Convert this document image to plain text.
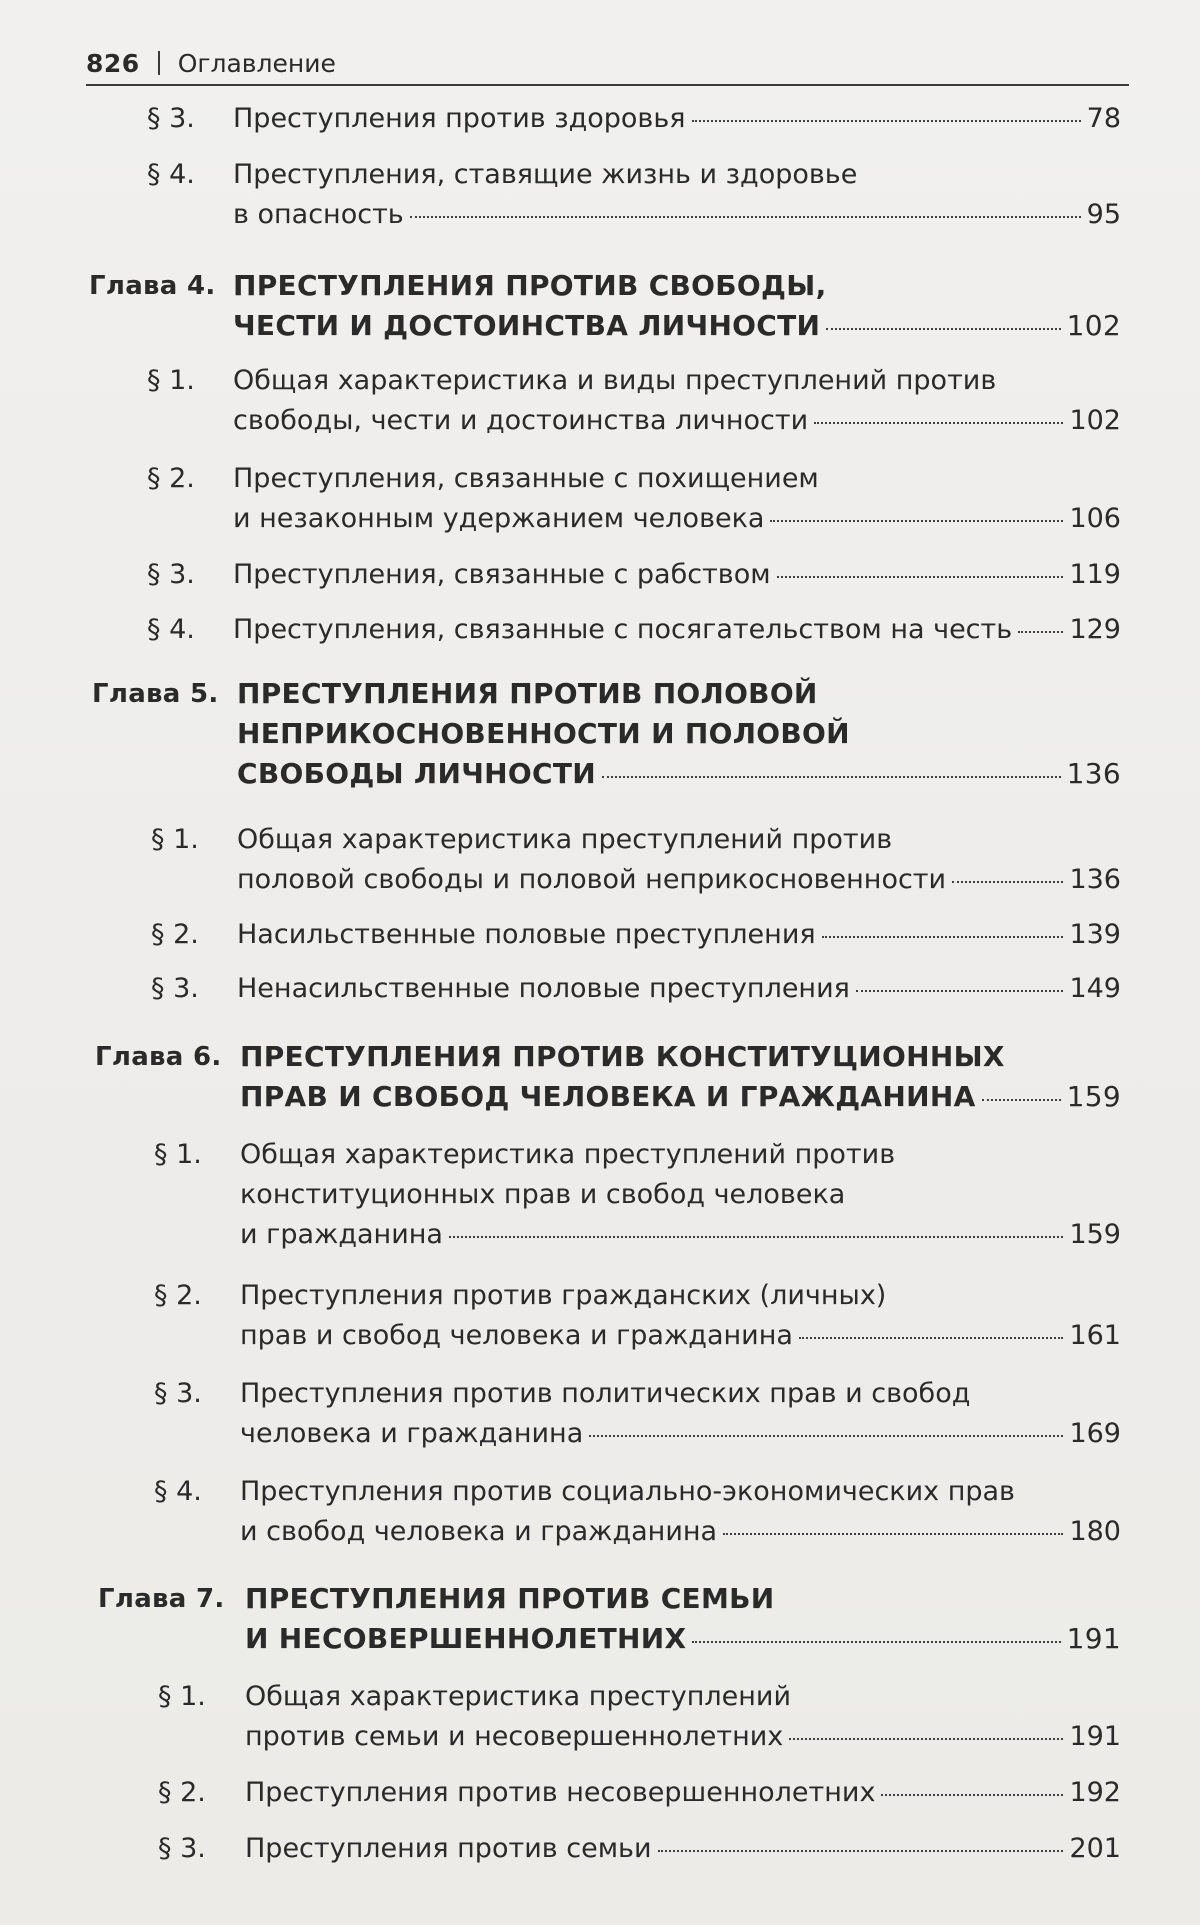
826 Оглавление
§ 3. Преступления против здоровья	78
§ 4. Преступления, ставящие жизнь и здоровье
в опасность	95
Глава 4. ПРЕСТУПЛЕНИЯ ПРОТИВ СВОБОДЫ,
ЧЕСТИ И ДОСТОИНСТВА ЛИЧНОСТИ	102
§ 1. Общая характеристика и виды преступлений против
свободы, чести и достоинства личности	102
§ 2. Преступления, связанные с похищением
и незаконным удержанием человека	106
§ 3. Преступления, связанные с рабством	119
§ 4. Преступления, связанные с посягательством на честь 129
Глава 5. ПРЕСТУПЛЕНИЯ ПРОТИВ ПОЛОВОЙ
НЕПРИКОСНОВЕННОСТИ И ПОЛОВОЙ
СВОБОДЫ ЛИЧНОСТИ	136
§ 1. Общая характеристика преступлений против
половой свободы и половой неприкосновенности	136
§ 2. Насильственные половые преступления	139
§ 3. Ненасильственные половые преступления	149
Глава 6. ПРЕСТУПЛЕНИЯ ПРОТИВ КОНСТИТУЦИОННЫХ
ПРАВ И СВОБОД ЧЕЛОВЕКА И ГРАЖДАНИНА	159
§ 1. Общая характеристика преступлений против
конституционных прав и свобод человека
и гражданина	159
§ 2. Преступления против гражданских (личных)
прав и свобод человека и гражданина	161
§ 3. Преступления против политических прав и свобод
человека и гражданина	169
§ 4. Преступления против социально-экономических прав
и свобод человека и гражданина	180
Глава 7. ПРЕСТУПЛЕНИЯ ПРОТИВ СЕМЬИ
И НЕСОВЕРШЕННОЛЕТНИХ	191
§ 1. Общая характеристика преступлений
против семьи и несовершеннолетних	191
§ 2. Преступления против несовершеннолетних	192
§ 3. Преступления против семьи	201
